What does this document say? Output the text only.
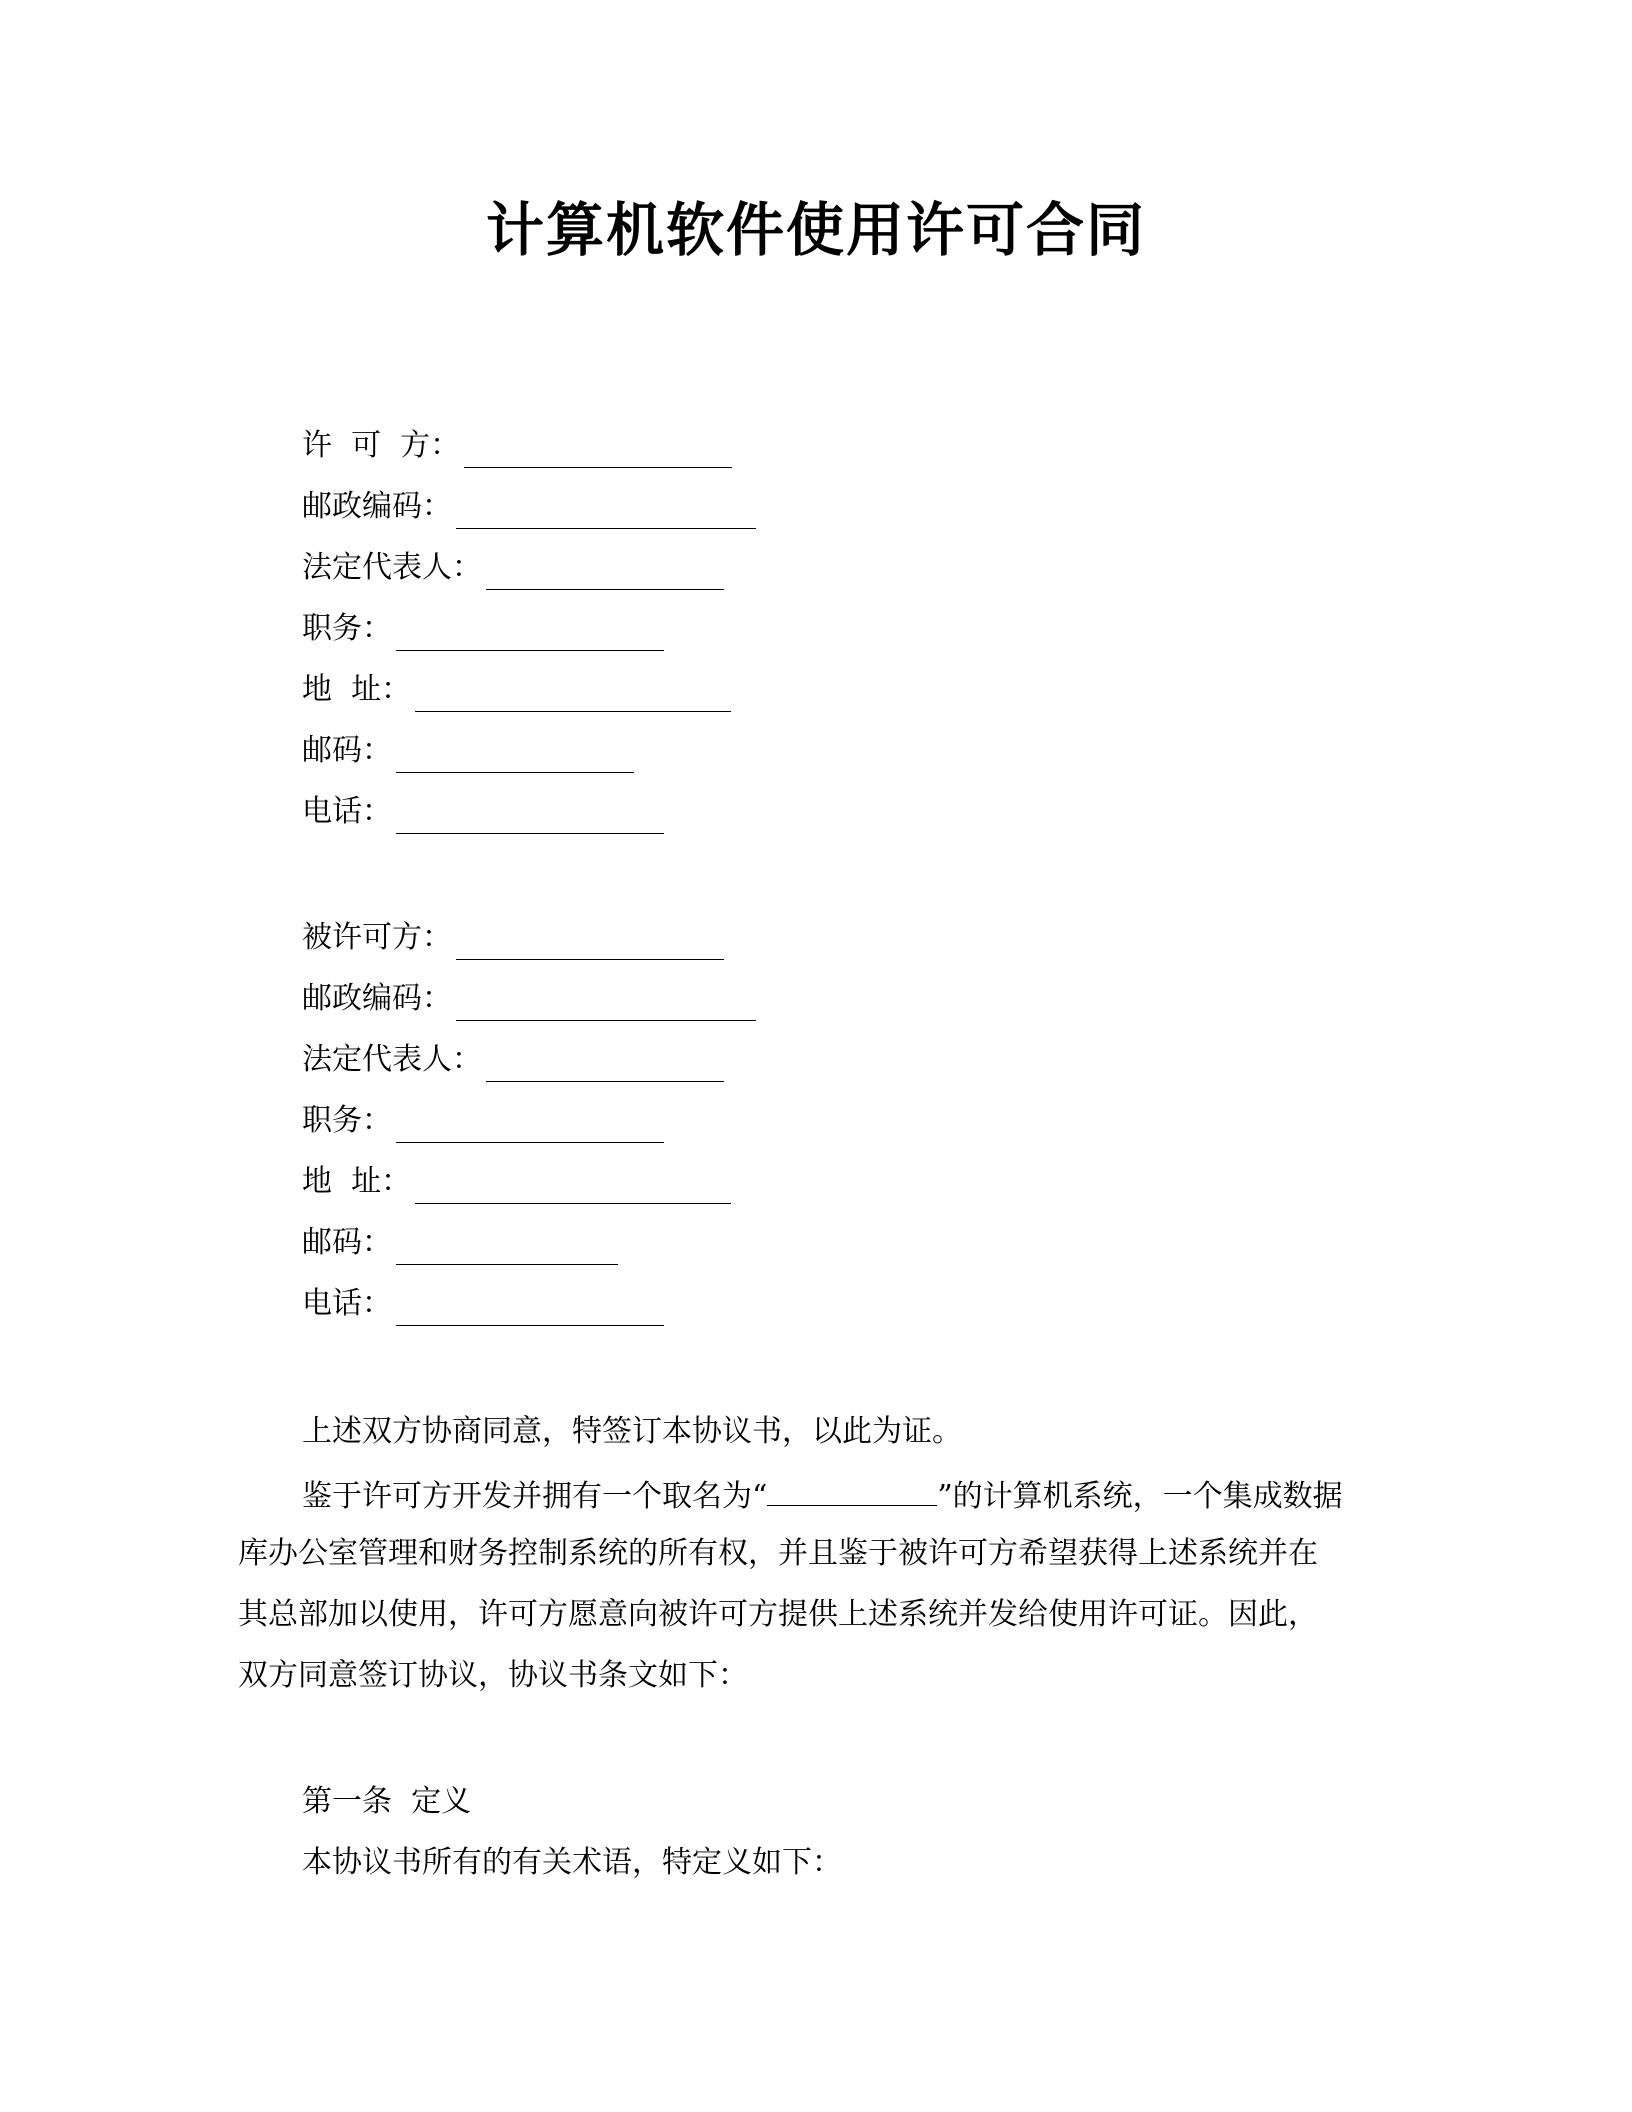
计算机软件使用许可合同
许  可  方：
邮政编码：
法定代表人：
职务：
地  址：
邮码：
电话：
被许可方：
邮政编码：
法定代表人：
职务：
地  址：
邮码：
电话：
上述双方协商同意，特签订本协议书，以此为证。
鉴于许可方开发并拥有一个取名为“	”的计算机系统，一个集成数据
库办公室管理和财务控制系统的所有权，并且鉴于被许可方希望获得上述系统并在
其总部加以使用，许可方愿意向被许可方提供上述系统并发给使用许可证。因此，
双方同意签订协议，协议书条文如下：
第一条  定义
本协议书所有的有关术语，特定义如下：
